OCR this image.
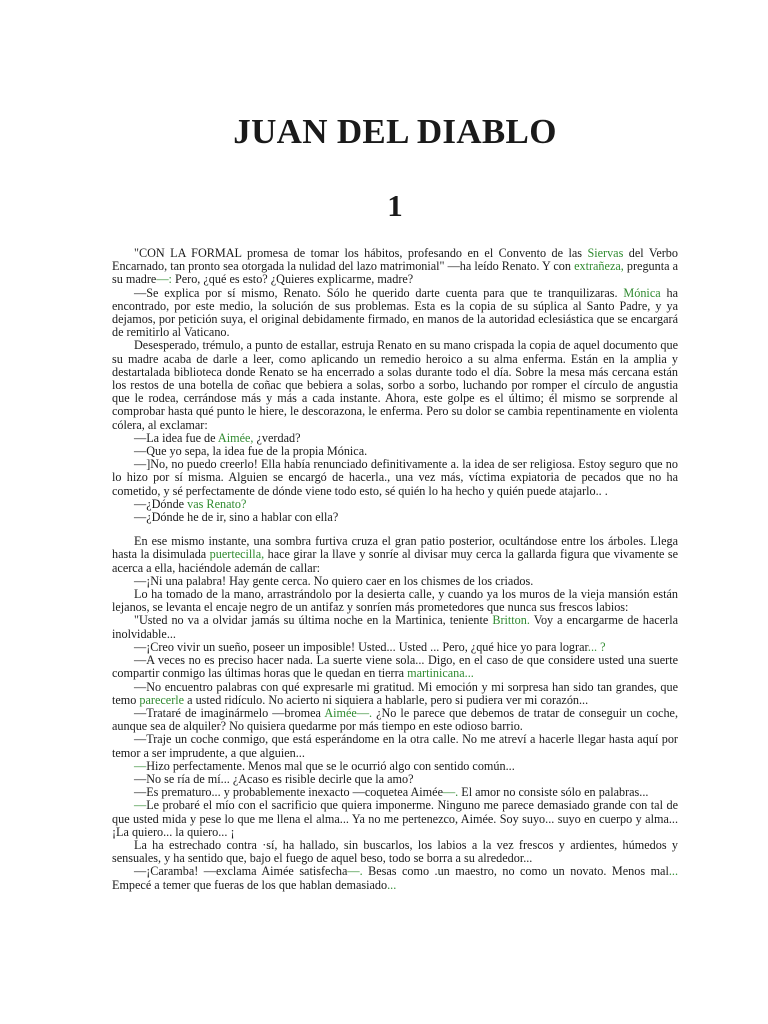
JUAN DEL DIABLO
1

"CON LA FORMAL promesa de tomar los hábitos, profesando en el Convento de las Siervas del Verbo Encarnado, tan pronto sea otorgada la nulidad del lazo matrimonial" —ha leído Renato. Y con extrañeza, pregunta a su madre—: Pero, ¿qué es esto? ¿Quieres explicarme, madre?

—Se explica por sí mismo, Renato. Sólo he querido darte cuenta para que te tranquilizaras. Mónica ha encontrado, por este medio, la solución de sus problemas. Esta es la copia de su súplica al Santo Padre, y ya dejamos, por petición suya, el original debidamente firmado, en manos de la autoridad eclesiástica que se encargará de remitirlo al Vaticano.

Desesperado, trémulo, a punto de estallar, estruja Renato en su mano crispada la copia de aquel documento que su madre acaba de darle a leer, como aplicando un remedio heroico a su alma enferma. Están en la amplia y destartalada biblioteca donde Renato se ha encerrado a solas durante todo el día. Sobre la mesa más cercana están los restos de una botella de coñac que bebiera a solas, sorbo a sorbo, luchando por romper el círculo de angustia que le rodea, cerrándose más y más a cada instante. Ahora, este golpe es el último; él mismo se sorprende al comprobar hasta qué punto le hiere, le descorazona, le enferma. Pero su dolor se cambia repentinamente en violenta cólera, al exclamar:

—La idea fue de Aimée, ¿verdad?

—Que yo sepa, la idea fue de la propia Mónica.

—]No, no puedo creerlo! Ella había renunciado definitivamente a. la idea de ser religiosa. Estoy seguro que no lo hizo por sí misma. Alguien se encargó de hacerla., una vez más, víctima expiatoria de pecados que no ha cometido, y sé perfectamente de dónde viene todo esto, sé quién lo ha hecho y quién puede atajarlo.. .

—¿Dónde vas Renato?

—¿Dónde he de ir, sino a hablar con ella?

En ese mismo instante, una sombra furtiva cruza el gran patio posterior, ocultándose entre los árboles. Llega hasta la disimulada puertecilla, hace girar la llave y sonríe al divisar muy cerca la gallarda figura que vivamente se acerca a ella, haciéndole ademán de callar:

—¡Ni una palabra! Hay gente cerca. No quiero caer en los chismes de los criados.

Lo ha tomado de la mano, arrastrándolo por la desierta calle, y cuando ya los muros de la vieja mansión están lejanos, se levanta el encaje negro de un antifaz y sonríen más prometedores que nunca sus frescos labios:

"Usted no va a olvidar jamás su última noche en la Martinica, teniente Britton. Voy a encargarme de hacerla inolvidable...

—¡Creo vivir un sueño, poseer un imposible! Usted... Usted ... Pero, ¿qué hice yo para lograr... ?

—A veces no es preciso hacer nada. La suerte viene sola... Digo, en el caso de que considere usted una suerte compartir conmigo las últimas horas que le quedan en tierra martinicana...

—No encuentro palabras con qué expresarle mi gratitud. Mi emoción y mi sorpresa han sido tan grandes, que temo parecerle a usted ridículo. No acierto ni siquiera a hablarle, pero si pudiera ver mi corazón...

—Trataré de imaginármelo —bromea Aimée—. ¿No le parece que debemos de tratar de conseguir un coche, aunque sea de alquiler? No quisiera quedarme por más tiempo en este odioso barrio.

—Traje un coche conmigo, que está esperándome en la otra calle. No me atreví a hacerle llegar hasta aquí por temor a ser imprudente, a que alguien...

—Hizo perfectamente. Menos mal que se le ocurrió algo con sentido común...

—No se ría de mí... ¿Acaso es risible decirle que la amo?

—Es prematuro... y probablemente inexacto —coquetea Aimée—. El amor no consiste sólo en palabras...

—Le probaré el mío con el sacrificio que quiera imponerme. Ninguno me parece demasiado grande con tal de que usted mida y pese lo que me llena el alma... Ya no me pertenezco, Aimée. Soy suyo... suyo en cuerpo y alma... ¡La quiero... la quiero... ¡

La ha estrechado contra ·sí, ha hallado, sin buscarlos, los labios a la vez frescos y ardientes, húmedos y sensuales, y ha sentido que, bajo el fuego de aquel beso, todo se borra a su alrededor...

—¡Caramba! —exclama Aimée satisfecha—. Besas como .un maestro, no como un novato. Menos mal... Empecé a temer que fueras de los que hablan demasiado...
